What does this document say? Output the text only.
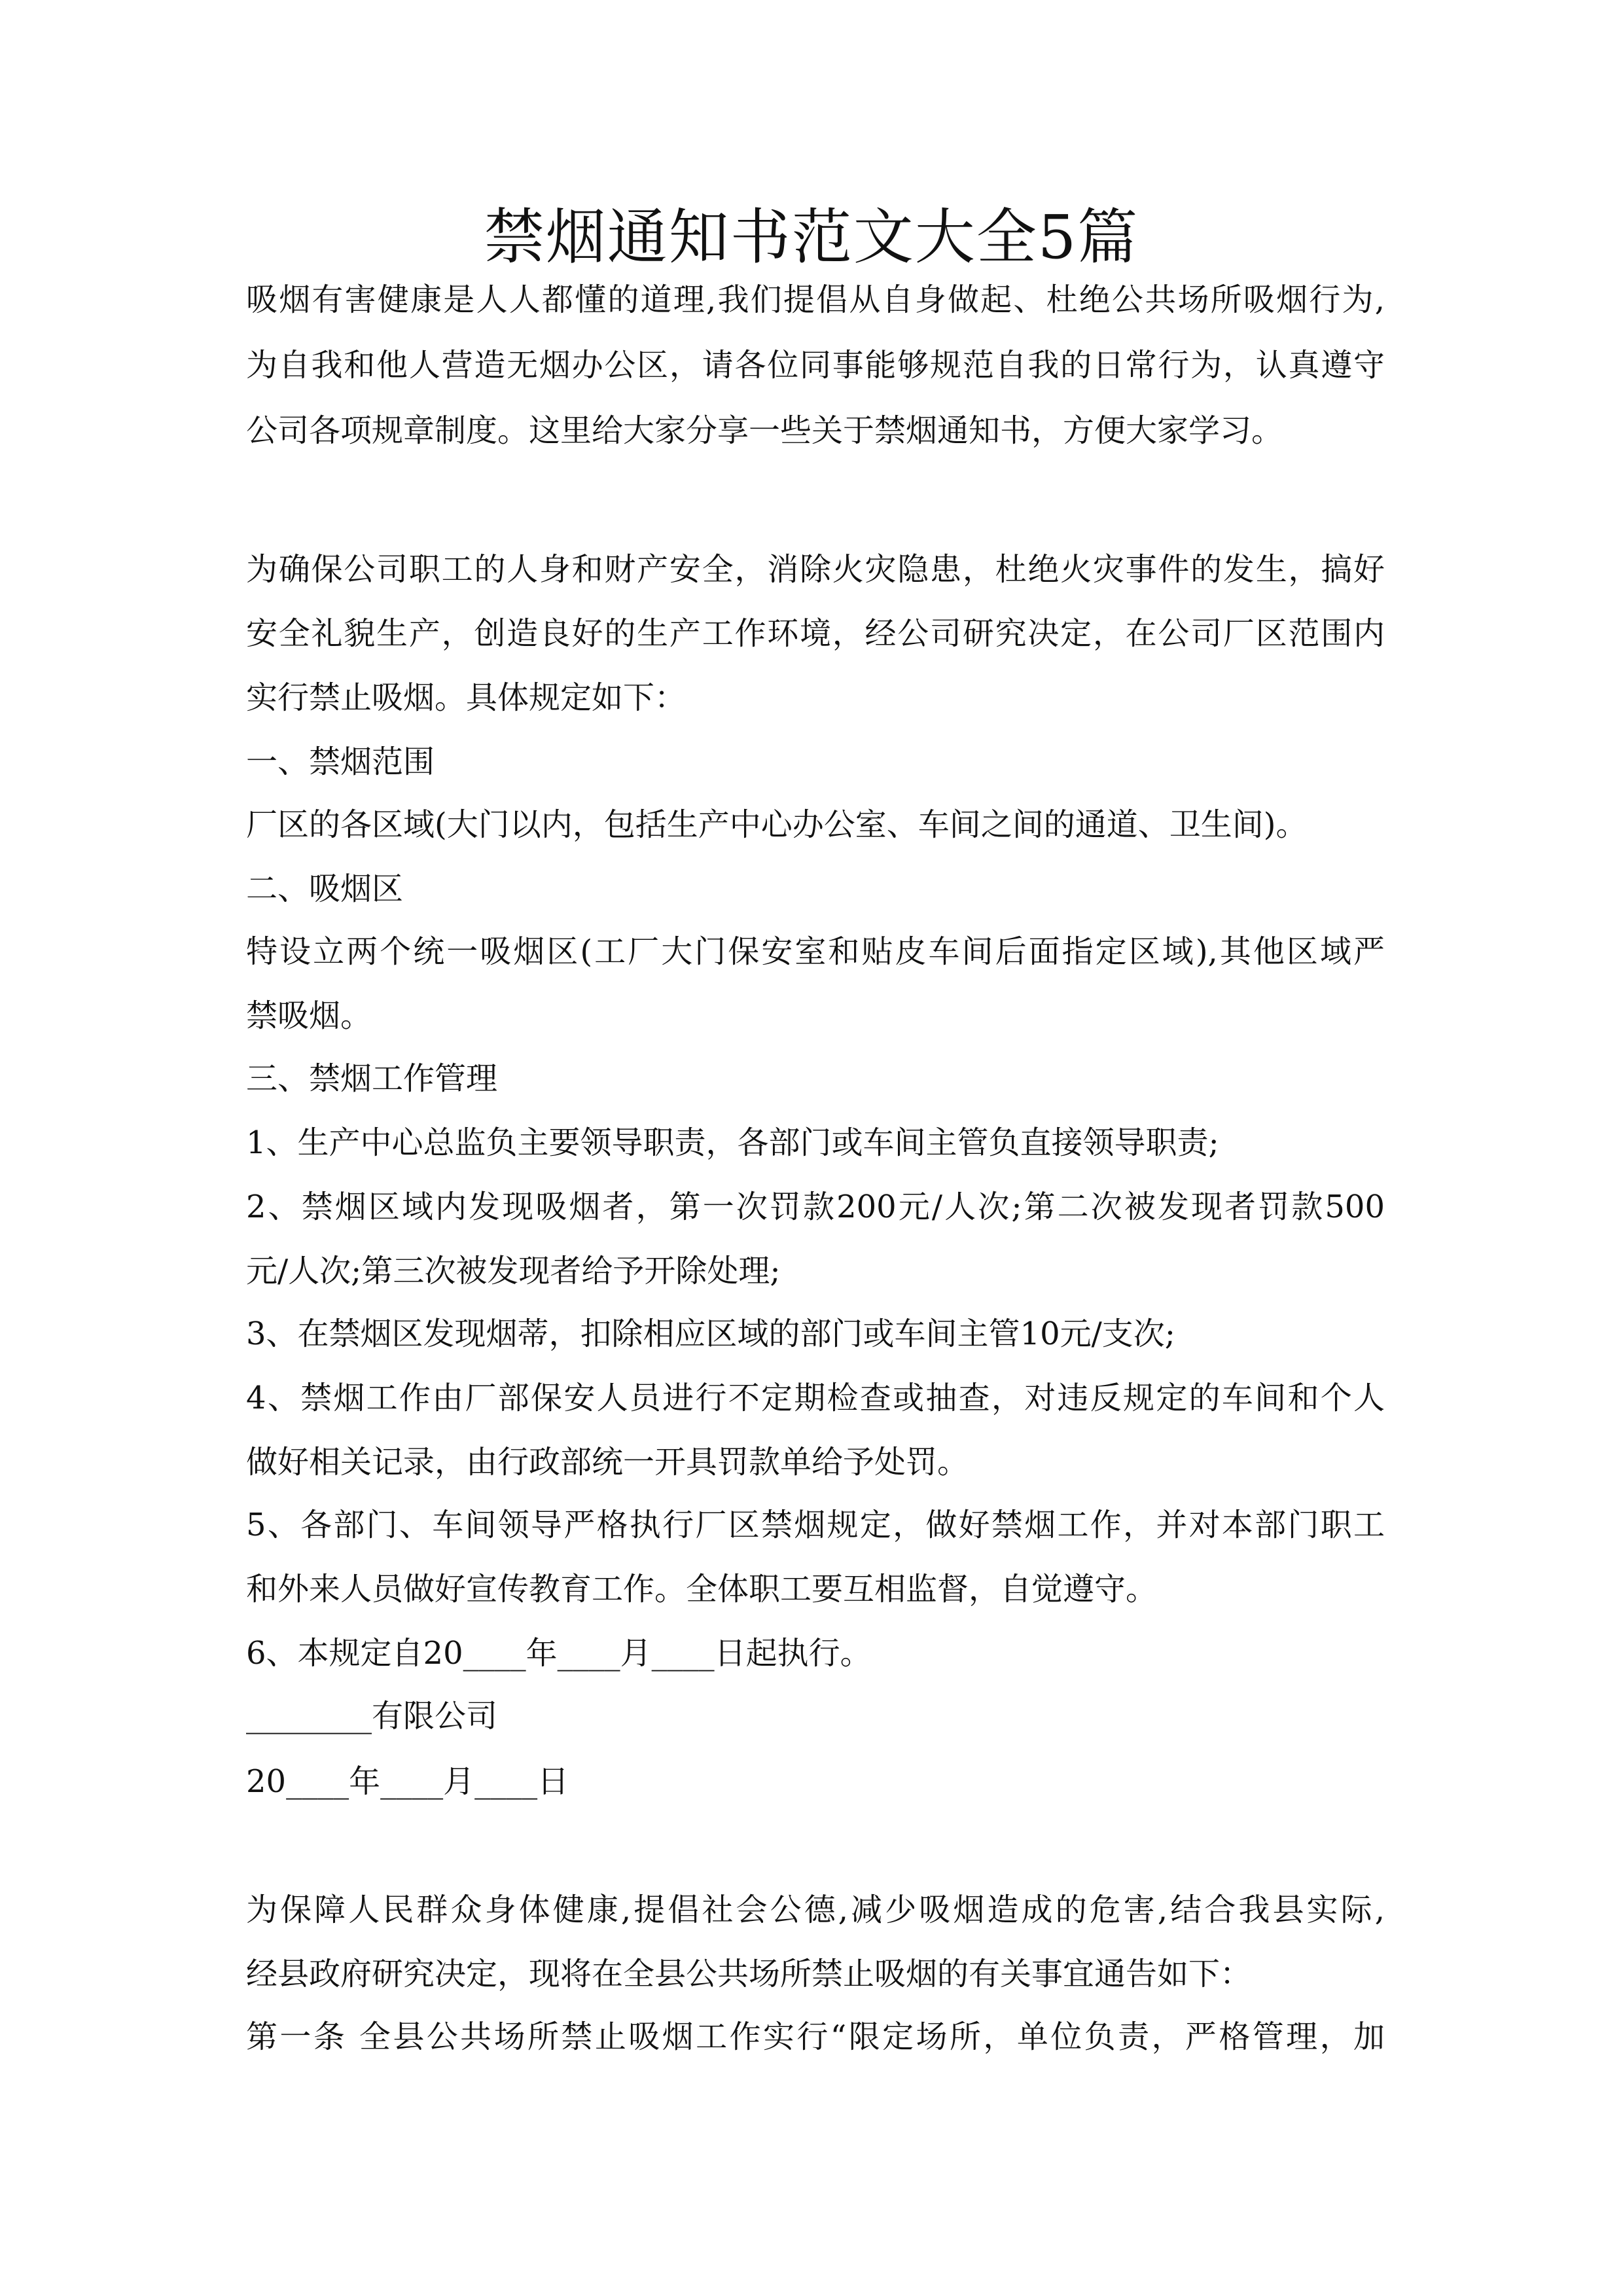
禁烟通知书范文大全5篇

吸烟有害健康是人人都懂的道理,我们提倡从自身做起、杜绝公共场所吸烟行为,

为自我和他人营造无烟办公区，请各位同事能够规范自我的日常行为，认真遵守

公司各项规章制度。这里给大家分享一些关于禁烟通知书，方便大家学习。

为确保公司职工的人身和财产安全，消除火灾隐患，杜绝火灾事件的发生，搞好

安全礼貌生产，创造良好的生产工作环境，经公司研究决定，在公司厂区范围内

实行禁止吸烟。具体规定如下：

一、禁烟范围

厂区的各区域(大门以内，包括生产中心办公室、车间之间的通道、卫生间)。

二、吸烟区

特设立两个统一吸烟区(工厂大门保安室和贴皮车间后面指定区域),其他区域严

禁吸烟。

三、禁烟工作管理

1、生产中心总监负主要领导职责，各部门或车间主管负直接领导职责;

2、禁烟区域内发现吸烟者，第一次罚款200元/人次;第二次被发现者罚款500

元/人次;第三次被发现者给予开除处理;

3、在禁烟区发现烟蒂，扣除相应区域的部门或车间主管10元/支次;

4、禁烟工作由厂部保安人员进行不定期检查或抽查，对违反规定的车间和个人

做好相关记录，由行政部统一开具罚款单给予处罚。

5、各部门、车间领导严格执行厂区禁烟规定，做好禁烟工作，并对本部门职工

和外来人员做好宣传教育工作。全体职工要互相监督，自觉遵守。

6、本规定自20____年____月____日起执行。

________有限公司

20____年____月____日

为保障人民群众身体健康,提倡社会公德,减少吸烟造成的危害,结合我县实际,

经县政府研究决定，现将在全县公共场所禁止吸烟的有关事宜通告如下：

第一条 全县公共场所禁止吸烟工作实行“限定场所，单位负责，严格管理，加
